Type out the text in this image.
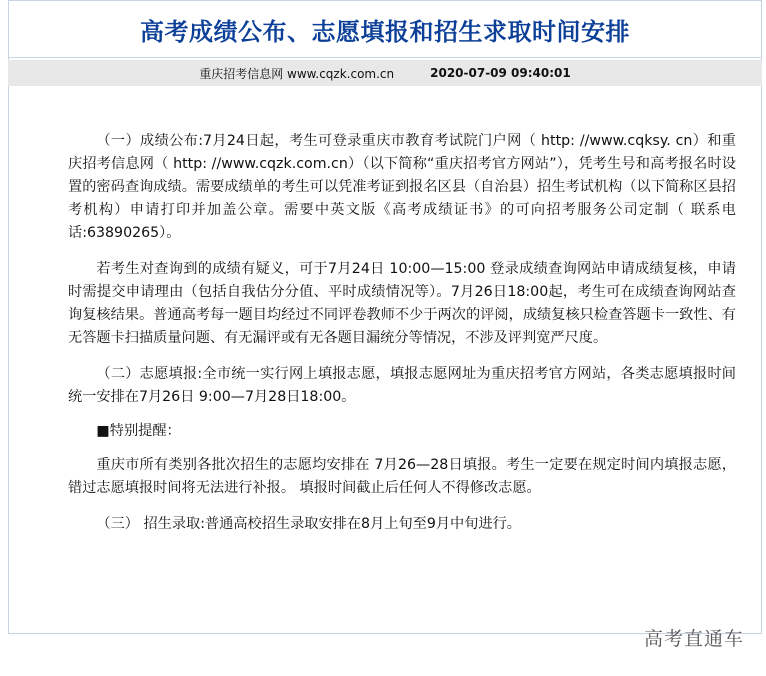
高考成绩公布、志愿填报和招生求取时间安排
重庆招考信息网 www.cqzk.com.cn	2020-07-09 09:40:01

（一）成绩公布:7月24日起，考生可登录重庆市教育考试院门户网（ http: //www.cqksy. cn）和重庆招考信息网（ http: //www.cqzk.com.cn）（以下简称“重庆招考官方网站”），凭考生号和高考报名时设置的密码查询成绩。需要成绩单的考生可以凭准考证到报名区县（自治县）招生考试机构（以下简称区县招考机构）申请打印并加盖公章。需要中英文版《高考成绩证书》的可向招考服务公司定制（ 联系电话:63890265）。

若考生对查询到的成绩有疑义，可于7月24日 10:00—15:00 登录成绩查询网站申请成绩复核，申请时需提交申请理由（包括自我估分分值、平时成绩情况等）。7月26日18:00起，考生可在成绩查询网站查询复核结果。普通高考每一题目均经过不同评卷教师不少于两次的评阅，成绩复核只检查答题卡一致性、有无答题卡扫描质量问题、有无漏评或有无各题目漏统分等情况，不涉及评判宽严尺度。

（二）志愿填报:全市统一实行网上填报志愿，填报志愿网址为重庆招考官方网站，各类志愿填报时间统一安排在7月26日 9:00—7月28日18:00。

■特别提醒：

重庆市所有类别各批次招生的志愿均安排在 7月26—28日填报。考生一定要在规定时间内填报志愿，错过志愿填报时间将无法进行补报。 填报时间截止后任何人不得修改志愿。

（三） 招生录取:普通高校招生录取安排在8月上旬至9月中旬进行。

高考直通车
